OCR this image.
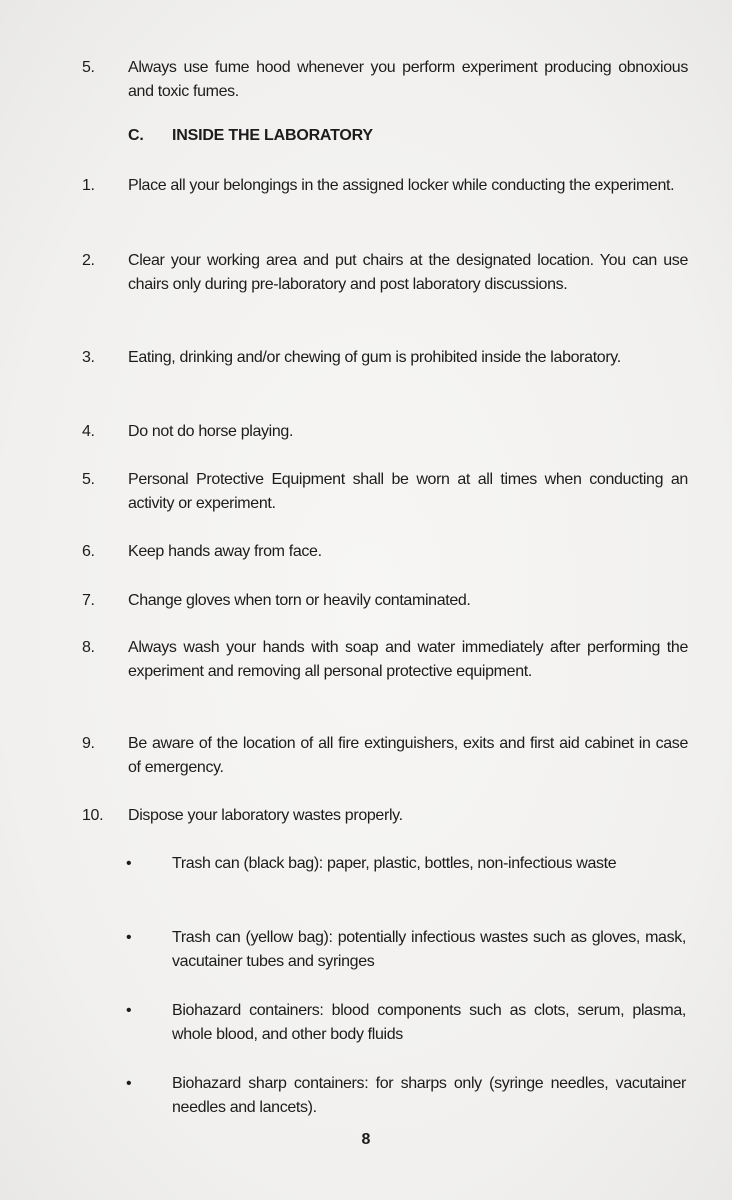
5.	Always use fume hood whenever you perform experiment producing obnoxious and toxic fumes.
C. INSIDE THE LABORATORY
1.	Place all your belongings in the assigned locker while conducting the experiment.
2.	Clear your working area and put chairs at the designated location. You can use chairs only during pre-laboratory and post laboratory discussions.
3.	Eating, drinking and/or chewing of gum is prohibited inside the laboratory.
4.	Do not do horse playing.
5.	Personal Protective Equipment shall be worn at all times when conducting an activity or experiment.
6.	Keep hands away from face.
7.	Change gloves when torn or heavily contaminated.
8.	Always wash your hands with soap and water immediately after performing the experiment and removing all personal protective equipment.
9.	Be aware of the location of all fire extinguishers, exits and first aid cabinet in case of emergency.
10.	Dispose your laboratory wastes properly.
•	Trash can (black bag): paper, plastic, bottles, non-infectious waste
•	Trash can (yellow bag): potentially infectious wastes such as gloves, mask, vacutainer tubes and syringes
•	Biohazard containers: blood components such as clots, serum, plasma, whole blood, and other body fluids
•	Biohazard sharp containers: for sharps only (syringe needles, vacutainer needles and lancets).
8
